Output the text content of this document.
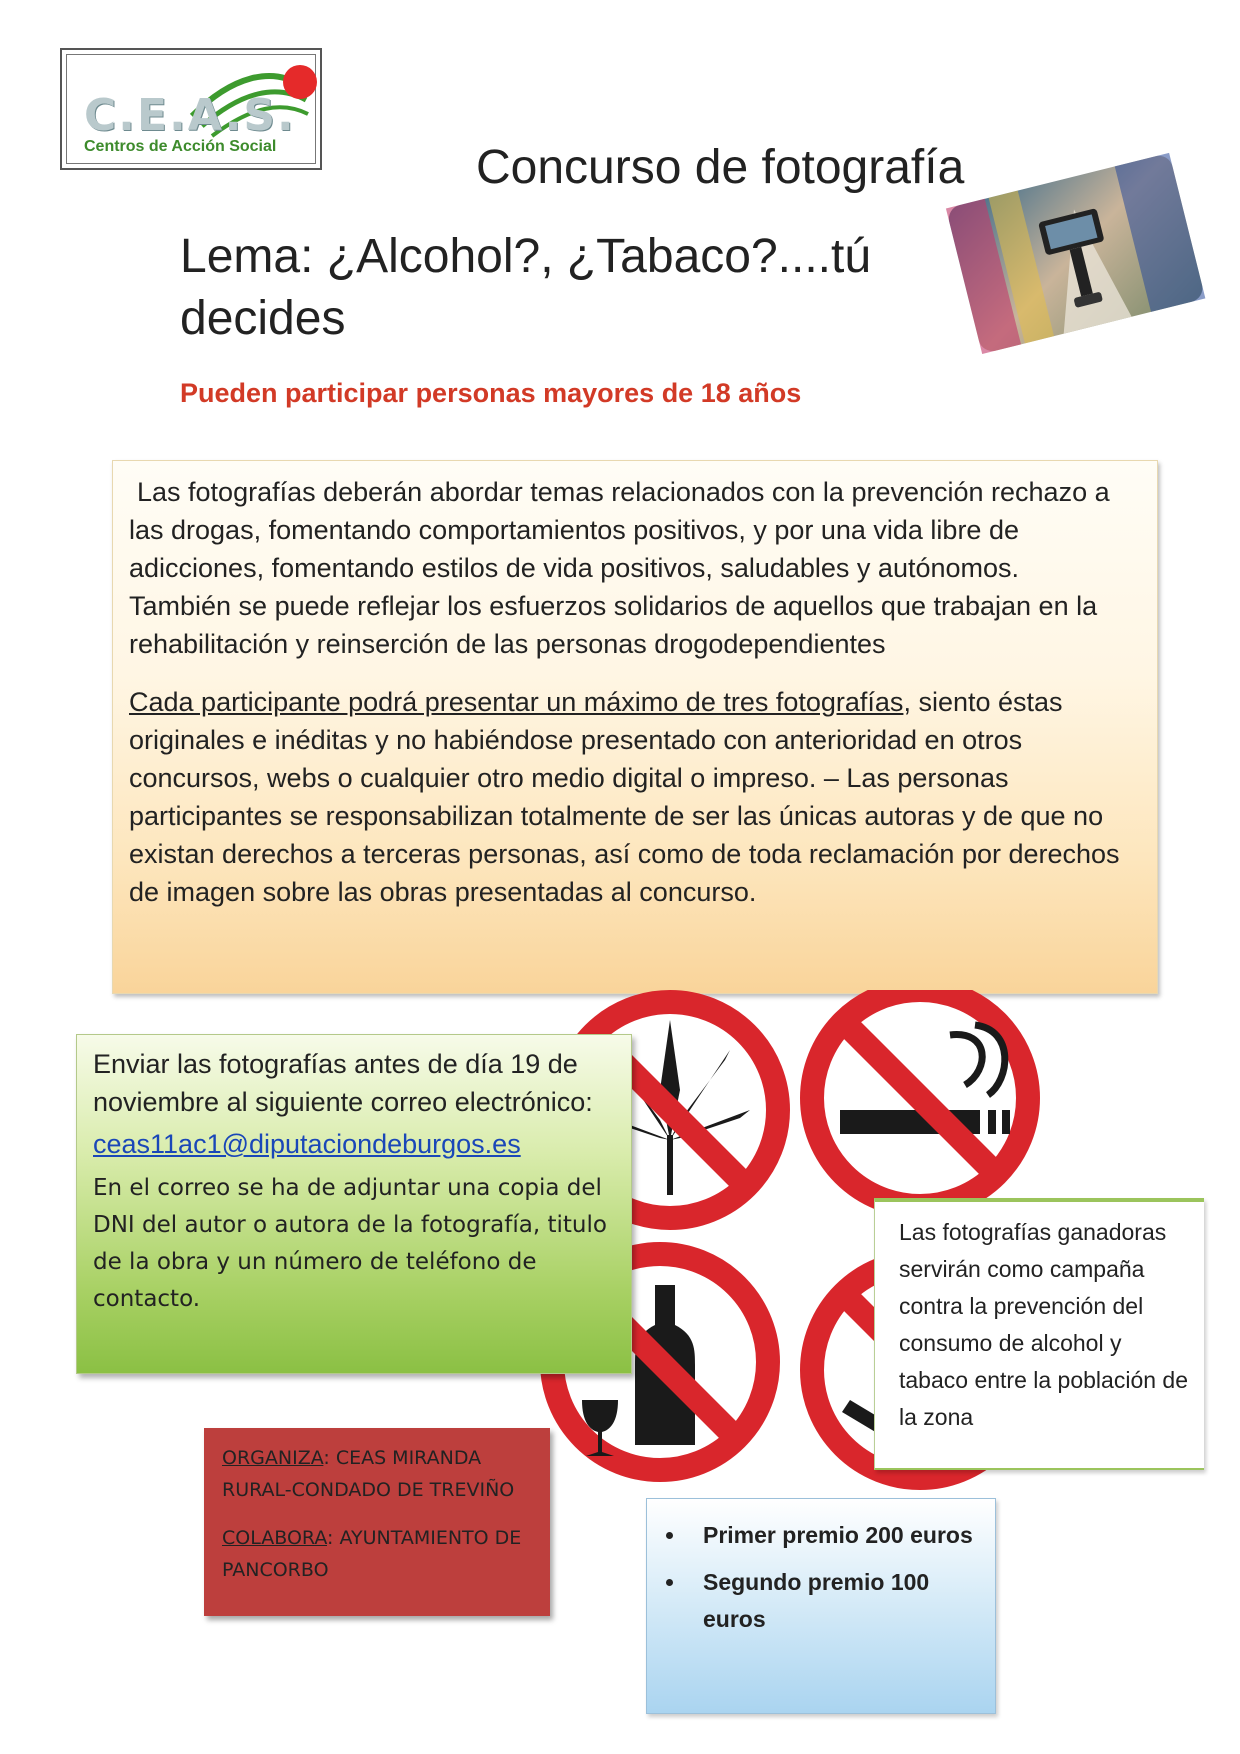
C.E.A.S.
Centros de Acción Social	Concurso de fotografía
Lema: ¿Alcohol?, ¿Tabaco?....tú decides
Pueden participar personas mayores de 18 años

Las fotografías deberán abordar temas relacionados con la prevención rechazo a las drogas, fomentando comportamientos positivos, y por una vida libre de adicciones, fomentando estilos de vida positivos, saludables y autónomos.

También se puede reflejar los esfuerzos solidarios de aquellos que trabajan en la rehabilitación y reinserción de las personas drogodependientes

Cada participante podrá presentar un máximo de tres fotografías, siento éstas originales e inéditas y no habiéndose presentado con anterioridad en otros concursos, webs o cualquier otro medio digital o impreso. – Las personas participantes se responsabilizan totalmente de ser las únicas autoras y de que no existan derechos a terceras personas, así como de toda reclamación por derechos de imagen sobre las obras presentadas al concurso.

Enviar las fotografías antes de día 19 de noviembre al siguiente correo electrónico:
ceas11ac1@diputaciondeburgos.es
En el correo se ha de adjuntar una copia del DNI del autor o autora de la fotografía, titulo de la obra y un número de teléfono de contacto.
Las fotografías ganadoras servirán como campaña contra la prevención del consumo de alcohol y tabaco entre la población de la zona

ORGANIZA: CEAS MIRANDA RURAL-CONDADO DE TREVIÑO

COLABORA: AYUNTAMIENTO DE PANCORBO

• Primer premio 200 euros
• Segundo premio 100 euros
